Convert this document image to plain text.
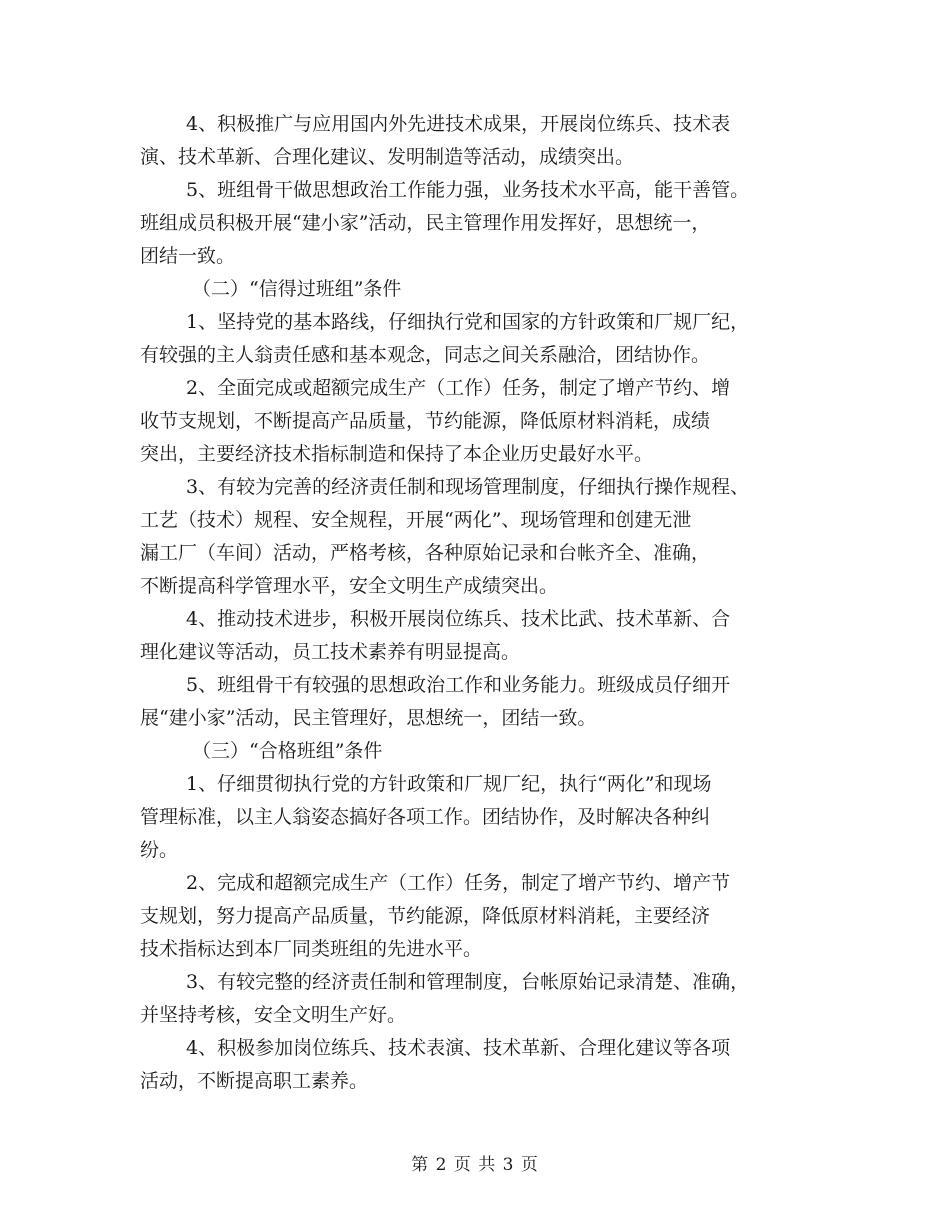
4、积极推广与应用国内外先进技术成果，开展岗位练兵、技术表
演、技术革新、合理化建议、发明制造等活动，成绩突出。

5、班组骨干做思想政治工作能力强，业务技术水平高，能干善管。
班组成员积极开展“建小家”活动，民主管理作用发挥好，思想统一，
团结一致。

（二）“信得过班组”条件

1、坚持党的基本路线，仔细执行党和国家的方针政策和厂规厂纪，
有较强的主人翁责任感和基本观念，同志之间关系融洽，团结协作。

2、全面完成或超额完成生产（工作）任务，制定了增产节约、增
收节支规划，不断提高产品质量，节约能源，降低原材料消耗，成绩
突出，主要经济技术指标制造和保持了本企业历史最好水平。

3、有较为完善的经济责任制和现场管理制度，仔细执行操作规程、
工艺（技术）规程、安全规程，开展“两化”、现场管理和创建无泄
漏工厂（车间）活动，严格考核，各种原始记录和台帐齐全、准确，
不断提高科学管理水平，安全文明生产成绩突出。

4、推动技术进步，积极开展岗位练兵、技术比武、技术革新、合
理化建议等活动，员工技术素养有明显提高。

5、班组骨干有较强的思想政治工作和业务能力。班级成员仔细开
展“建小家”活动，民主管理好，思想统一，团结一致。

（三）“合格班组”条件

1、仔细贯彻执行党的方针政策和厂规厂纪，执行“两化”和现场
管理标准，以主人翁姿态搞好各项工作。团结协作，及时解决各种纠
纷。

2、完成和超额完成生产（工作）任务，制定了增产节约、增产节
支规划，努力提高产品质量，节约能源，降低原材料消耗，主要经济
技术指标达到本厂同类班组的先进水平。

3、有较完整的经济责任制和管理制度，台帐原始记录清楚、准确，
并坚持考核，安全文明生产好。

4、积极参加岗位练兵、技术表演、技术革新、合理化建议等各项
活动，不断提高职工素养。

第 2 页 共 3 页
